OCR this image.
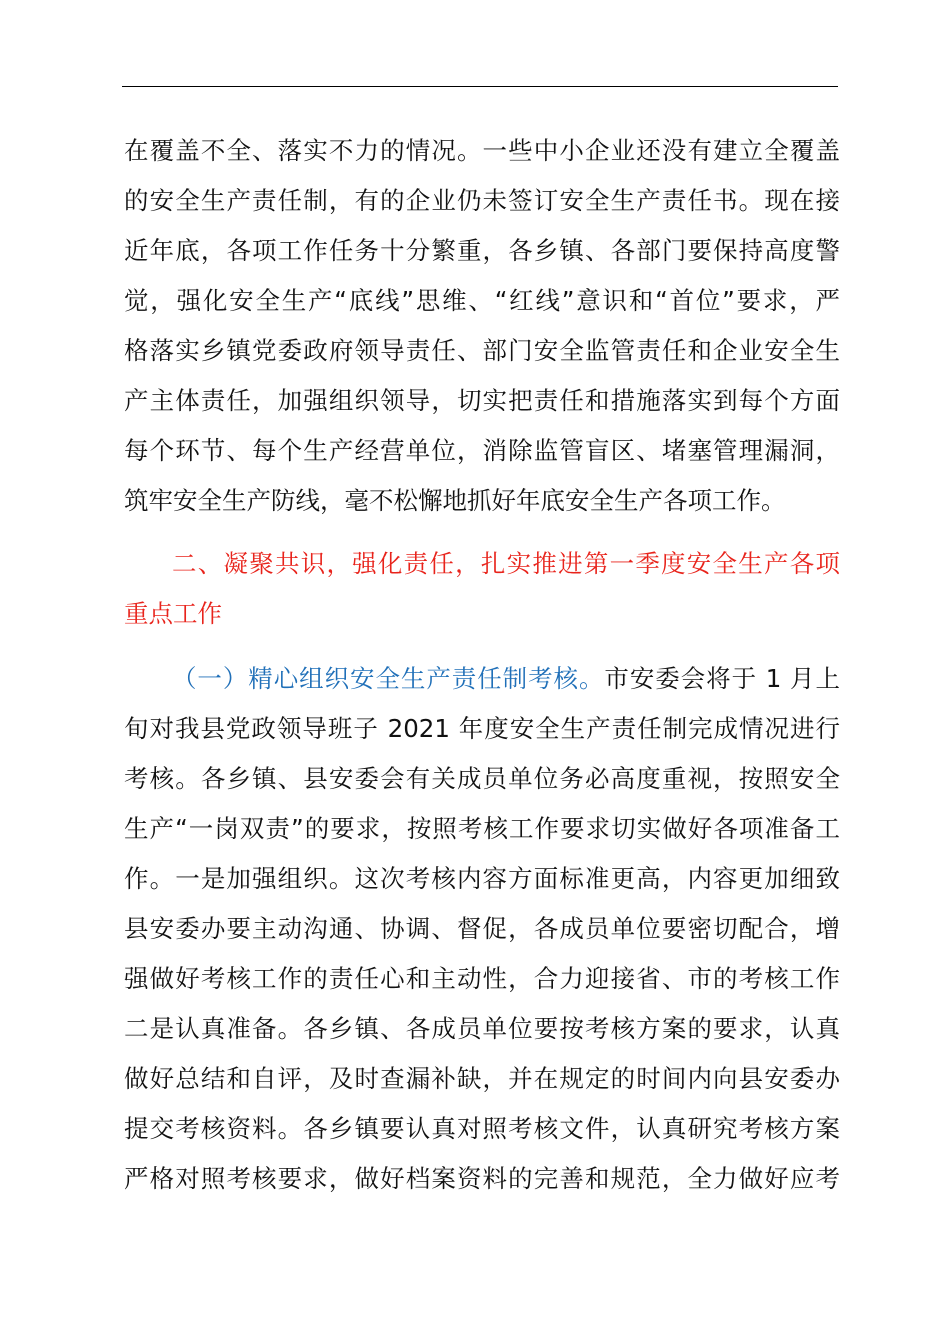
在覆盖不全、落实不力的情况。一些中小企业还没有建立全覆盖
的安全生产责任制，有的企业仍未签订安全生产责任书。现在接
近年底，各项工作任务十分繁重，各乡镇、各部门要保持高度警
觉，强化安全生产“底线”思维、“红线”意识和“首位”要求，严
格落实乡镇党委政府领导责任、部门安全监管责任和企业安全生
产主体责任，加强组织领导，切实把责任和措施落实到每个方面
每个环节、每个生产经营单位，消除监管盲区、堵塞管理漏洞，
筑牢安全生产防线，毫不松懈地抓好年底安全生产各项工作。
二、凝聚共识，强化责任，扎实推进第一季度安全生产各项
重点工作
（一）精心组织安全生产责任制考核。市安委会将于 1 月上
旬对我县党政领导班子 2021 年度安全生产责任制完成情况进行
考核。各乡镇、县安委会有关成员单位务必高度重视，按照安全
生产“一岗双责”的要求，按照考核工作要求切实做好各项准备工
作。一是加强组织。这次考核内容方面标准更高，内容更加细致
县安委办要主动沟通、协调、督促，各成员单位要密切配合，增
强做好考核工作的责任心和主动性，合力迎接省、市的考核工作
二是认真准备。各乡镇、各成员单位要按考核方案的要求，认真
做好总结和自评，及时查漏补缺，并在规定的时间内向县安委办
提交考核资料。各乡镇要认真对照考核文件，认真研究考核方案
严格对照考核要求，做好档案资料的完善和规范，全力做好应考
